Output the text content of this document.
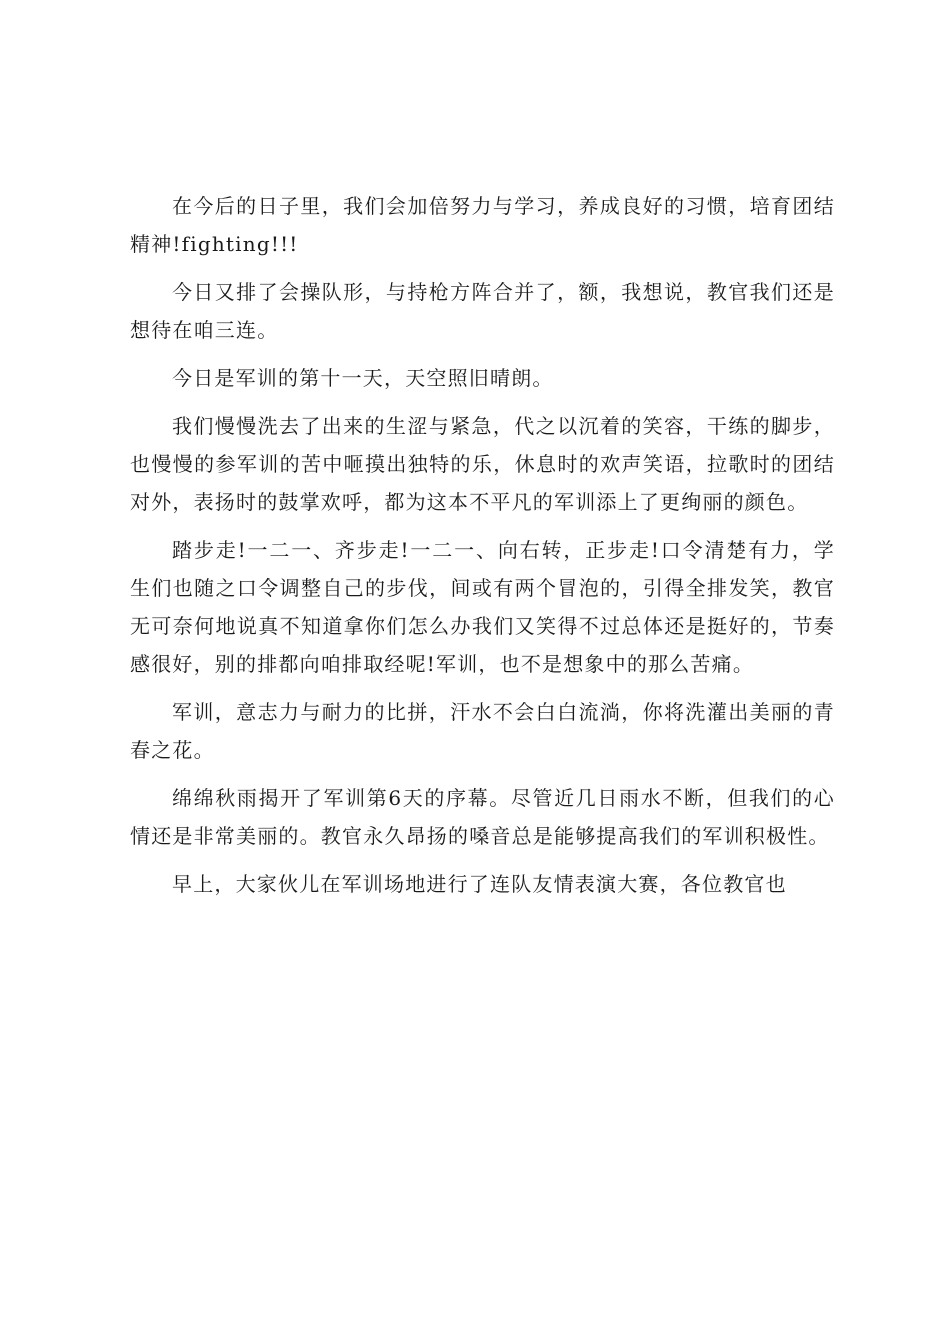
在今后的日子里，我们会加倍努力与学习，养成良好的习惯，培育团结精神!fighting!!!

今日又排了会操队形，与持枪方阵合并了，额，我想说，教官我们还是想待在咱三连。

今日是军训的第十一天，天空照旧晴朗。

我们慢慢洗去了出来的生涩与紧急，代之以沉着的笑容，干练的脚步，也慢慢的参军训的苦中咂摸出独特的乐，休息时的欢声笑语，拉歌时的团结对外，表扬时的鼓掌欢呼，都为这本不平凡的军训添上了更绚丽的颜色。

踏步走!一二一、齐步走!一二一、向右转，正步走!口令清楚有力，学生们也随之口令调整自己的步伐，间或有两个冒泡的，引得全排发笑，教官无可奈何地说真不知道拿你们怎么办我们又笑得不过总体还是挺好的，节奏感很好，别的排都向咱排取经呢!军训，也不是想象中的那么苦痛。

军训，意志力与耐力的比拼，汗水不会白白流淌，你将洗灌出美丽的青春之花。

绵绵秋雨揭开了军训第6天的序幕。尽管近几日雨水不断，但我们的心情还是非常美丽的。教官永久昂扬的嗓音总是能够提高我们的军训积极性。

早上，大家伙儿在军训场地进行了连队友情表演大赛，各位教官也
